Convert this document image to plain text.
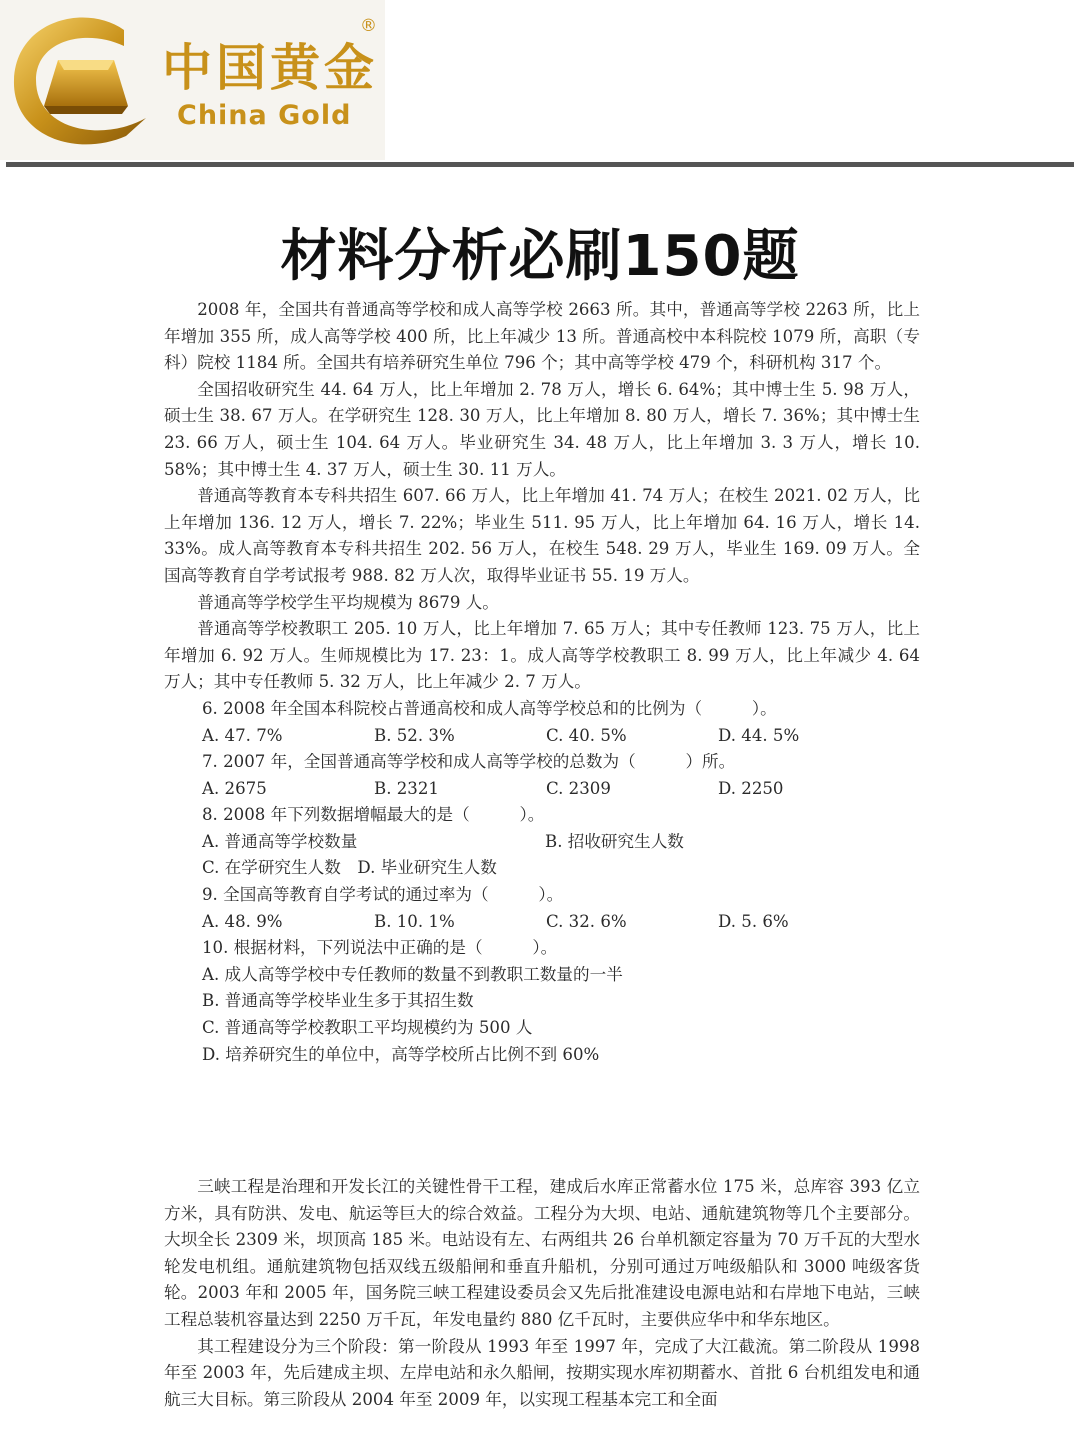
中国黄金
China Gold
®
材料分析必刷150题

2008 年，全国共有普通高等学校和成人高等学校 2663 所。其中，普通高等学校 2263 所，比上年增加 355 所，成人高等学校 400 所，比上年减少 13 所。普通高校中本科院校 1079 所，高职（专科）院校 1184 所。全国共有培养研究生单位 796 个；其中高等学校 479 个，科研机构 317 个。

全国招收研究生 44. 64 万人，比上年增加 2. 78 万人，增长 6. 64%；其中博士生 5. 98 万人，硕士生 38. 67 万人。在学研究生 128. 30 万人，比上年增加 8. 80 万人，增长 7. 36%；其中博士生 23. 66 万人，硕士生 104. 64 万人。毕业研究生 34. 48 万人，比上年增加 3. 3 万人，增长 10. 58%；其中博士生 4. 37 万人，硕士生 30. 11 万人。

普通高等教育本专科共招生 607. 66 万人，比上年增加 41. 74 万人；在校生 2021. 02 万人，比上年增加 136. 12 万人，增长 7. 22%；毕业生 511. 95 万人，比上年增加 64. 16 万人，增长 14. 33%。成人高等教育本专科共招生 202. 56 万人，在校生 548. 29 万人，毕业生 169. 09 万人。全国高等教育自学考试报考 988. 82 万人次，取得毕业证书 55. 19 万人。

普通高等学校学生平均规模为 8679 人。

普通高等学校教职工 205. 10 万人，比上年增加 7. 65 万人；其中专任教师 123. 75 万人，比上年增加 6. 92 万人。生师规模比为 17. 23：1。成人高等学校教职工 8. 99 万人，比上年减少 4. 64 万人；其中专任教师 5. 32 万人，比上年减少 2. 7 万人。

6. 2008 年全国本科院校占普通高校和成人高等学校总和的比例为（　　　）。
A. 47. 7%	B. 52. 3%	C. 40. 5%	D. 44. 5%
7. 2007 年，全国普通高等学校和成人高等学校的总数为（　　　）所。
A. 2675	B. 2321	C. 2309	D. 2250
8. 2008 年下列数据增幅最大的是（　　　）。
A. 普通高等学校数量	B. 招收研究生人数
C. 在学研究生人数　D. 毕业研究生人数
9. 全国高等教育自学考试的通过率为（　　　）。
A. 48. 9%	B. 10. 1%	C. 32. 6%	D. 5. 6%
10. 根据材料，下列说法中正确的是（　　　）。
A. 成人高等学校中专任教师的数量不到教职工数量的一半
B. 普通高等学校毕业生多于其招生数
C. 普通高等学校教职工平均规模约为 500 人
D. 培养研究生的单位中，高等学校所占比例不到 60%

三峡工程是治理和开发长江的关键性骨干工程，建成后水库正常蓄水位 175 米，总库容 393 亿立方米，具有防洪、发电、航运等巨大的综合效益。工程分为大坝、电站、通航建筑物等几个主要部分。大坝全长 2309 米，坝顶高 185 米。电站设有左、右两组共 26 台单机额定容量为 70 万千瓦的大型水轮发电机组。通航建筑物包括双线五级船闸和垂直升船机，分别可通过万吨级船队和 3000 吨级客货轮。2003 年和 2005 年，国务院三峡工程建设委员会又先后批准建设电源电站和右岸地下电站，三峡工程总装机容量达到 2250 万千瓦，年发电量约 880 亿千瓦时，主要供应华中和华东地区。

其工程建设分为三个阶段：第一阶段从 1993 年至 1997 年，完成了大江截流。第二阶段从 1998 年至 2003 年，先后建成主坝、左岸电站和永久船闸，按期实现水库初期蓄水、首批 6 台机组发电和通航三大目标。第三阶段从 2004 年至 2009 年，以实现工程基本完工和全面
